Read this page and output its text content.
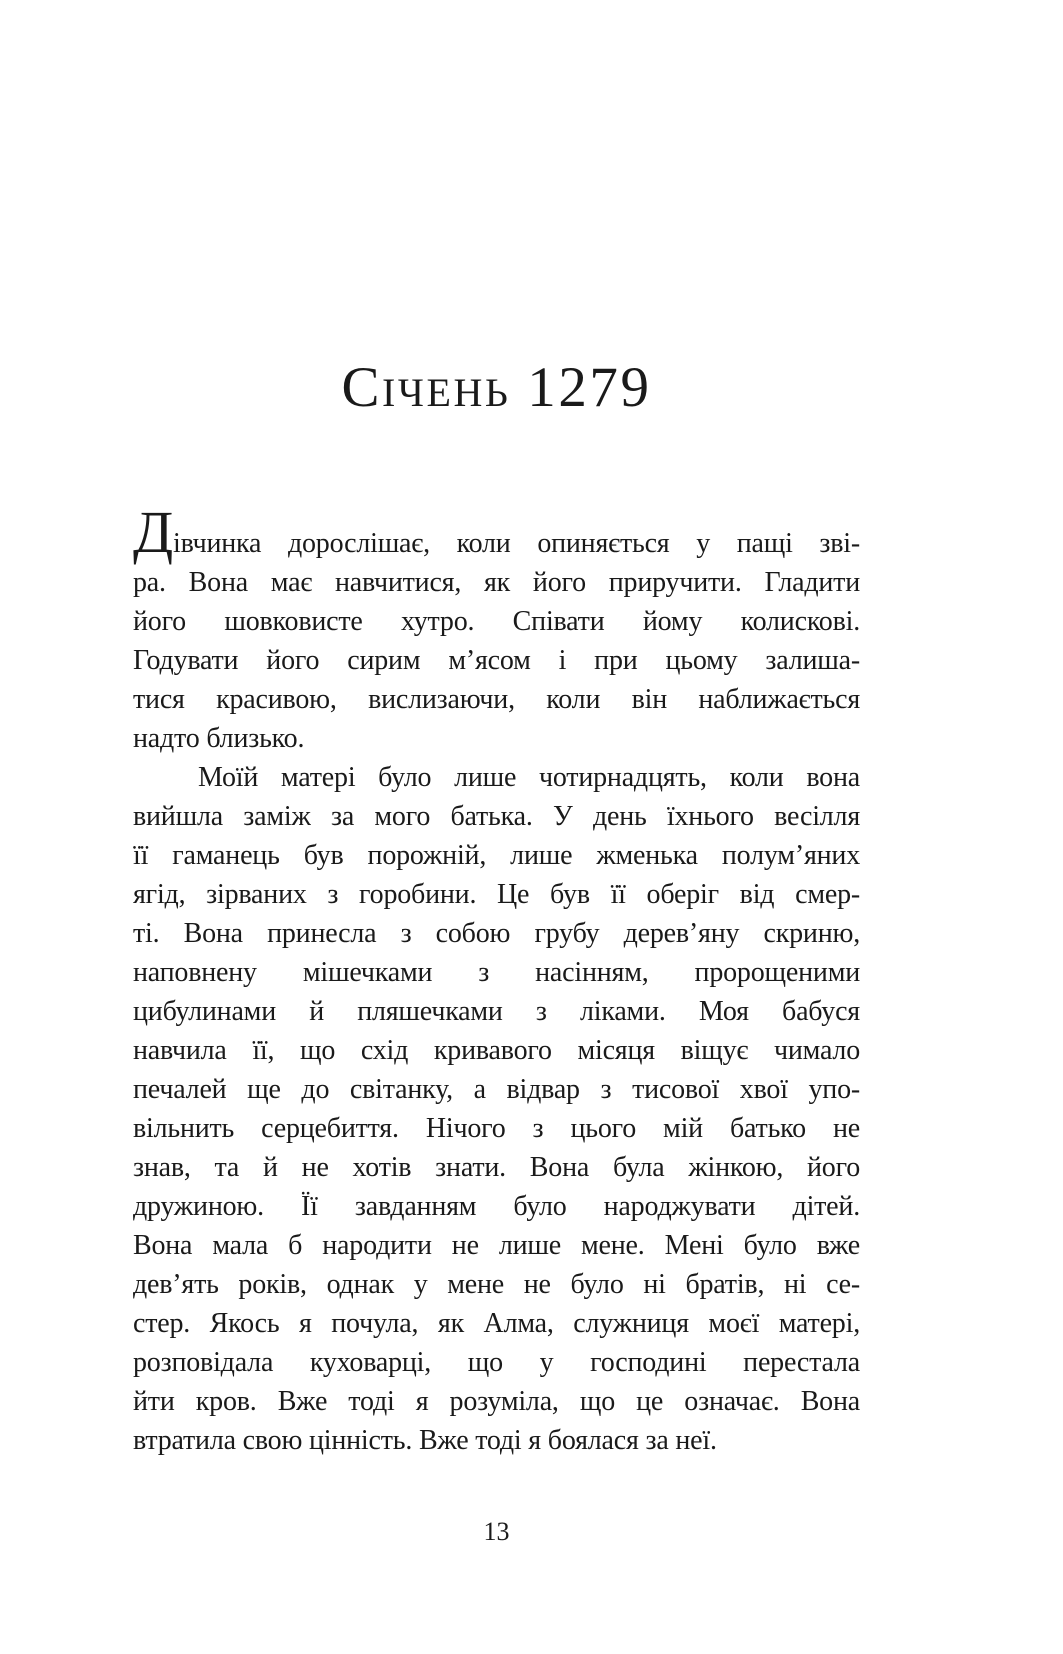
Січень 1279
Дівчинка дорослішає, коли опиняється у пащі зві-
ра. Вона має навчитися, як його приручити. Гладити
його шовковисте хутро. Співати йому колискові.
Годувати його сирим м’ясом і при цьому залиша-
тися красивою, вислизаючи, коли він наближається
надто близько.
Моїй матері було лише чотирнадцять, коли вона
вийшла заміж за мого батька. У день їхнього весілля
її гаманець був порожній, лише жменька полум’яних
ягід, зірваних з горобини. Це був її оберіг від смер-
ті. Вона принесла з собою грубу дерев’яну скриню,
наповнену мішечками з насінням, пророщеними
цибулинами й пляшечками з ліками. Моя бабуся
навчила її, що схід кривавого місяця віщує чимало
печалей ще до світанку, а відвар з тисової хвої упо-
вільнить серцебиття. Нічого з цього мій батько не
знав, та й не хотів знати. Вона була жінкою, його
дружиною. Її завданням було народжувати дітей.
Вона мала б народити не лише мене. Мені було вже
дев’ять років, однак у мене не було ні братів, ні се-
стер. Якось я почула, як Алма, служниця моєї матері,
розповідала куховарці, що у господині перестала
йти кров. Вже тоді я розуміла, що це означає. Вона
втратила свою цінність. Вже тоді я боялася за неї.
13
